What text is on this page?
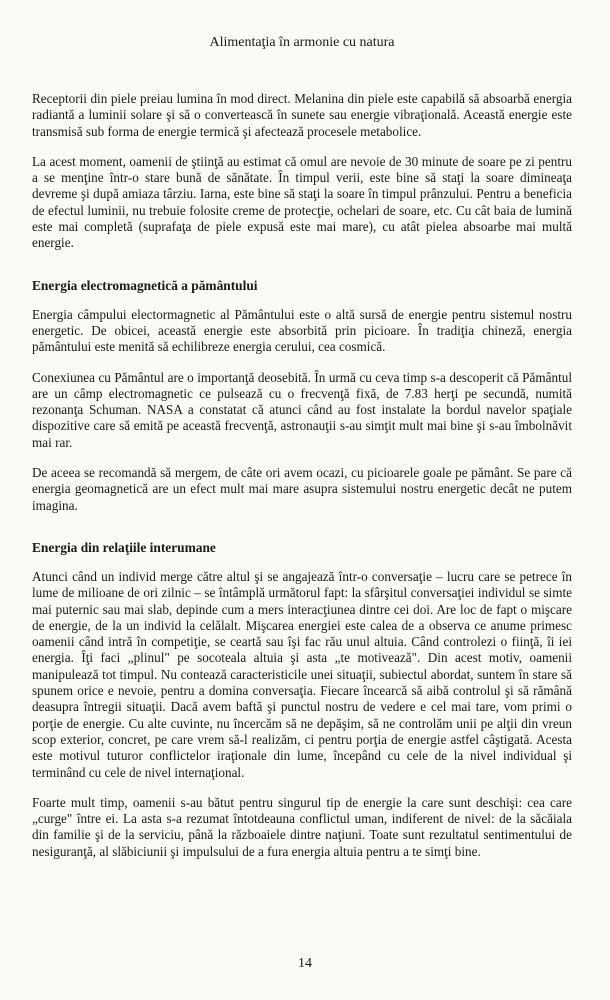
Alimentaţia în armonie cu natura

Receptorii din piele preiau lumina în mod direct. Melanina din piele este capabilă să absoarbă energia radiantă a luminii solare şi să o convertească în sunete sau energie vibraţională. Această energie este transmisă sub forma de energie termică şi afectează procesele metabolice.

La acest moment, oamenii de ştiinţă au estimat că omul are nevoie de 30 minute de soare pe zi pentru a se menţine într-o stare bună de sănătate. În timpul verii, este bine să staţi la soare dimineaţa devreme şi după amiaza târziu. Iarna, este bine să staţi la soare în timpul prânzului. Pentru a beneficia de efectul luminii, nu trebuie folosite creme de protecţie, ochelari de soare, etc. Cu cât baia de lumină este mai completă (suprafaţa de piele expusă este mai mare), cu atât pielea absoarbe mai multă energie.

Energia electromagnetică a pământului

Energia câmpului electormagnetic al Pământului este o altă sursă de energie pentru sistemul nostru energetic. De obicei, această energie este absorbită prin picioare. În tradiţia chineză, energia pământului este menită să echilibreze energia cerului, cea cosmică.

Conexiunea cu Pământul are o importanţă deosebită. În urmă cu ceva timp s-a descoperit că Pământul are un câmp electromagnetic ce pulsează cu o frecvenţă fixă, de 7.83 herţi pe secundă, numită rezonanţa Schuman. NASA a constatat că atunci când au fost instalate la bordul navelor spaţiale dispozitive care să emită pe această frecvenţă, astronauţii s-au simţit mult mai bine şi s-au îmbolnăvit mai rar.

De aceea se recomandă să mergem, de câte ori avem ocazi, cu picioarele goale pe pământ. Se pare că energia geomagnetică are un efect mult mai mare asupra sistemului nostru energetic decât ne putem imagina.

Energia din relaţiile interumane

Atunci când un individ merge către altul şi se angajează într-o conversaţie – lucru care se petrece în lume de milioane de ori zilnic – se întâmplă următorul fapt: la sfârşitul conversaţiei individul se simte mai puternic sau mai slab, depinde cum a mers interacţiunea dintre cei doi. Are loc de fapt o mişcare de energie, de la un individ la celălalt. Mişcarea energiei este calea de a observa ce anume primesc oamenii când intră în competiţie, se ceartă sau îşi fac rău unul altuia. Când controlezi o fiinţă, îi iei energia. Îţi faci „plinul" pe socoteala altuia şi asta „te motivează". Din acest motiv, oamenii manipulează tot timpul. Nu contează caracteristicile unei situaţii, subiectul abordat, suntem în stare să spunem orice e nevoie, pentru a domina conversaţia. Fiecare încearcă să aibă controlul şi să rămână deasupra întregii situaţii. Dacă avem baftă şi punctul nostru de vedere e cel mai tare, vom primi o porţie de energie. Cu alte cuvinte, nu încercăm să ne depăşim, să ne controlăm unii pe alţii din vreun scop exterior, concret, pe care vrem să-l realizăm, ci pentru porţia de energie astfel câştigată. Acesta este motivul tuturor conflictelor iraţionale din lume, începând cu cele de la nivel individual şi terminând cu cele de nivel internaţional.

Foarte mult timp, oamenii s-au bătut pentru singurul tip de energie la care sunt deschişi: cea care „curge" între ei. La asta s-a rezumat întotdeauna conflictul uman, indiferent de nivel: de la săcăiala din familie şi de la serviciu, până la războaiele dintre naţiuni. Toate sunt rezultatul sentimentului de nesiguranţă, al slăbiciunii şi impulsului de a fura energia altuia pentru a te simţi bine.

14
